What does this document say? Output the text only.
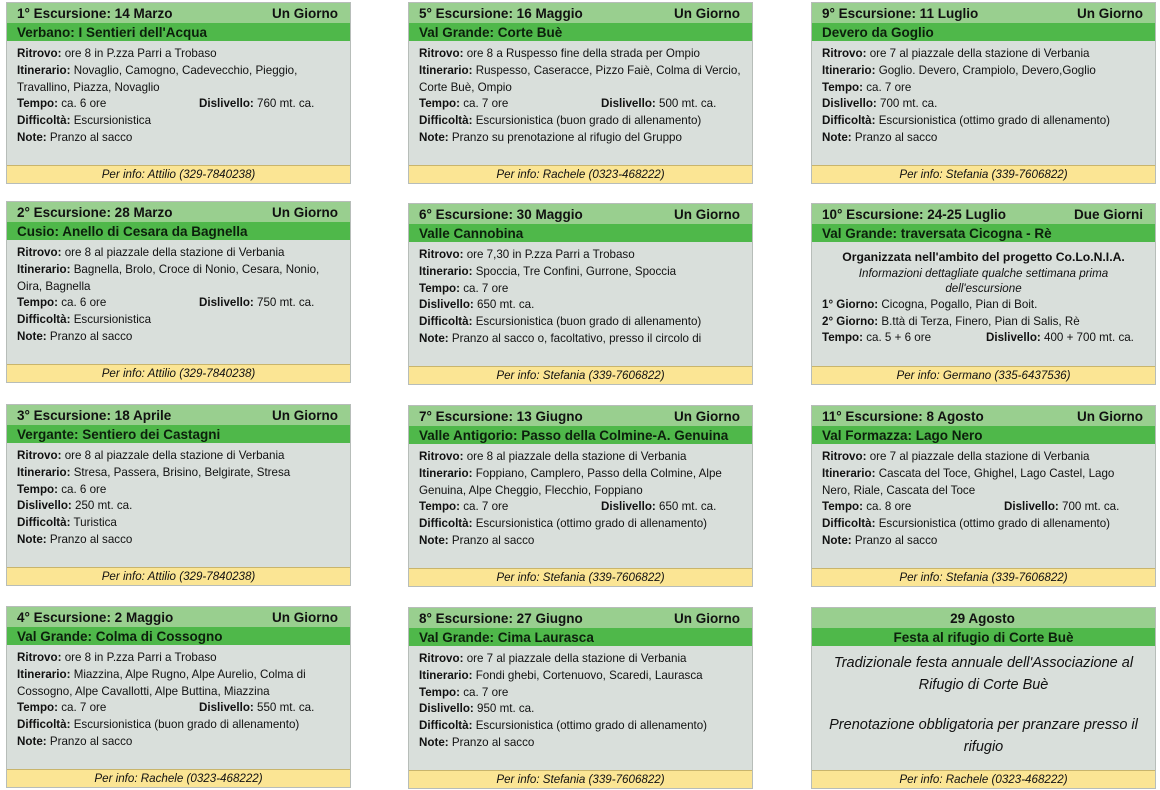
1° Escursione: 14 Marzo	Un Giorno
Verbano: I Sentieri dell'Acqua
Ritrovo: ore 8 in P.zza Parri a Trobaso
Itinerario: Novaglio, Camogno, Cadevecchio, Pieggio, Travallino, Piazza, Novaglio
Tempo: ca. 6 ore	Dislivello: 760 mt. ca.
Difficoltà: Escursionistica
Note: Pranzo al sacco
Per info: Attilio (329-7840238)
5° Escursione: 16 Maggio	Un Giorno
Val Grande: Corte Buè
Ritrovo: ore 8 a Ruspesso fine della strada per Ompio
Itinerario: Ruspesso, Caseracce, Pizzo Faiè, Colma di Vercio, Corte Buè, Ompio
Tempo: ca. 7 ore	Dislivello: 500 mt. ca.
Difficoltà: Escursionistica (buon grado di allenamento)
Note: Pranzo su prenotazione al rifugio del Gruppo
Per info: Rachele (0323-468222)
9° Escursione: 11 Luglio	Un Giorno
Devero da Goglio
Ritrovo: ore 7 al piazzale della stazione di Verbania
Itinerario: Goglio. Devero, Crampiolo, Devero,Goglio
Tempo: ca. 7 ore
Dislivello: 700 mt. ca.
Difficoltà: Escursionistica (ottimo grado di allenamento)
Note: Pranzo al sacco
Per info: Stefania (339-7606822)
2° Escursione: 28 Marzo	Un Giorno
Cusio: Anello di Cesara da Bagnella
Ritrovo: ore 8 al piazzale della stazione di Verbania
Itinerario: Bagnella, Brolo, Croce di Nonio, Cesara, Nonio, Oira, Bagnella
Tempo: ca. 6 ore	Dislivello: 750 mt. ca.
Difficoltà: Escursionistica
Note: Pranzo al sacco
Per info: Attilio (329-7840238)
6° Escursione: 30 Maggio	Un Giorno
Valle Cannobina
Ritrovo: ore 7,30 in P.zza Parri a Trobaso
Itinerario: Spoccia, Tre Confini, Gurrone, Spoccia
Tempo: ca. 7 ore
Dislivello: 650 mt. ca.
Difficoltà: Escursionistica (buon grado di allenamento)
Note: Pranzo al sacco o, facoltativo, presso il circolo di
Per info: Stefania (339-7606822)
10° Escursione: 24-25 Luglio	Due Giorni
Val Grande: traversata Cicogna - Rè
Organizzata nell'ambito del progetto Co.Lo.N.I.A.
Informazioni dettagliate qualche settimana prima dell'escursione
1° Giorno: Cicogna, Pogallo, Pian di Boit.
2° Giorno: B.ttà di Terza, Finero, Pian di Salis, Rè
Tempo: ca. 5 + 6 ore	Dislivello: 400 + 700 mt. ca.
Per info: Germano (335-6437536)
3° Escursione: 18 Aprile	Un Giorno
Vergante: Sentiero dei Castagni
Ritrovo: ore 8 al piazzale della stazione di Verbania
Itinerario: Stresa, Passera, Brisino, Belgirate, Stresa
Tempo: ca. 6 ore
Dislivello: 250 mt. ca.
Difficoltà: Turistica
Note: Pranzo al sacco
Per info: Attilio (329-7840238)
7° Escursione: 13 Giugno	Un Giorno
Valle Antigorio: Passo della Colmine-A. Genuina
Ritrovo: ore 8 al piazzale della stazione di Verbania
Itinerario: Foppiano, Camplero, Passo della Colmine, Alpe Genuina, Alpe Cheggio, Flecchio, Foppiano
Tempo: ca. 7 ore	Dislivello: 650 mt. ca.
Difficoltà: Escursionistica (ottimo grado di allenamento)
Note: Pranzo al sacco
Per info: Stefania (339-7606822)
11° Escursione: 8 Agosto	Un Giorno
Val Formazza: Lago Nero
Ritrovo: ore 7 al piazzale della stazione di Verbania
Itinerario: Cascata del Toce, Ghighel, Lago Castel, Lago Nero, Riale, Cascata del Toce
Tempo: ca. 8 ore	Dislivello: 700 mt. ca.
Difficoltà: Escursionistica (ottimo grado di allenamento)
Note: Pranzo al sacco
Per info: Stefania (339-7606822)
4° Escursione: 2 Maggio	Un Giorno
Val Grande: Colma di Cossogno
Ritrovo: ore 8 in P.zza Parri a Trobaso
Itinerario: Miazzina, Alpe Rugno, Alpe Aurelio, Colma di Cossogno, Alpe Cavallotti, Alpe Buttina, Miazzina
Tempo: ca. 7 ore	Dislivello: 550 mt. ca.
Difficoltà: Escursionistica (buon grado di allenamento)
Note: Pranzo al sacco
Per info: Rachele (0323-468222)
8° Escursione: 27 Giugno	Un Giorno
Val Grande: Cima Laurasca
Ritrovo: ore 7 al piazzale della stazione di Verbania
Itinerario: Fondi ghebi, Cortenuovo, Scaredi, Laurasca
Tempo: ca. 7 ore
Dislivello: 950 mt. ca.
Difficoltà: Escursionistica (ottimo grado di allenamento)
Note: Pranzo al sacco
Per info: Stefania (339-7606822)
29 Agosto
Festa al rifugio di Corte Buè
Tradizionale festa annuale dell'Associazione al Rifugio di Corte Buè
Prenotazione obbligatoria per pranzare presso il rifugio
Per info: Rachele (0323-468222)
